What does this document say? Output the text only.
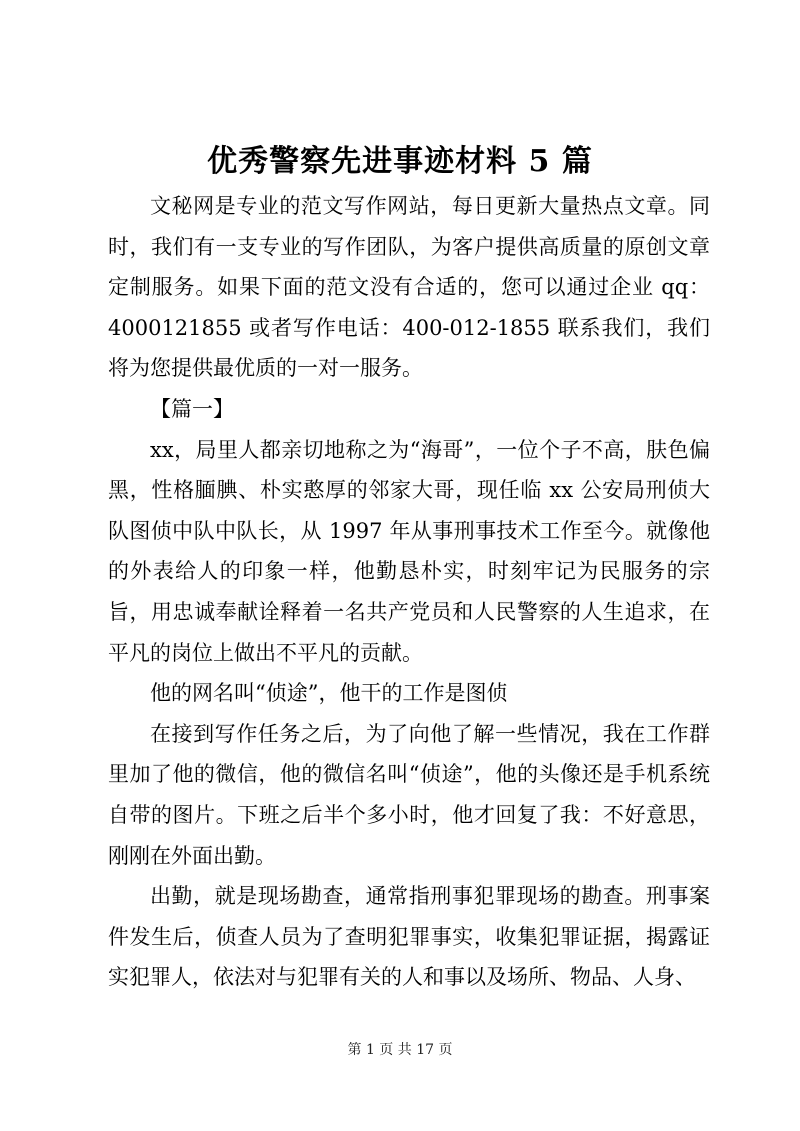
优秀警察先进事迹材料 5 篇

文秘网是专业的范文写作网站，每日更新大量热点文章。同时，我们有一支专业的写作团队，为客户提供高质量的原创文章定制服务。如果下面的范文没有合适的，您可以通过企业 qq：4000121855 或者写作电话：400-012-1855 联系我们，我们将为您提供最优质的一对一服务。

【篇一】

xx，局里人都亲切地称之为“海哥”，一位个子不高，肤色偏黑，性格腼腆、朴实憨厚的邻家大哥，现任临 xx 公安局刑侦大队图侦中队中队长，从 1997 年从事刑事技术工作至今。就像他的外表给人的印象一样，他勤恳朴实，时刻牢记为民服务的宗旨，用忠诚奉献诠释着一名共产党员和人民警察的人生追求，在平凡的岗位上做出不平凡的贡献。

他的网名叫“侦途”，他干的工作是图侦

在接到写作任务之后，为了向他了解一些情况，我在工作群里加了他的微信，他的微信名叫“侦途”，他的头像还是手机系统自带的图片。下班之后半个多小时，他才回复了我：不好意思，刚刚在外面出勤。

出勤，就是现场勘查，通常指刑事犯罪现场的勘查。刑事案件发生后，侦查人员为了查明犯罪事实，收集犯罪证据，揭露证实犯罪人，依法对与犯罪有关的人和事以及场所、物品、人身、

第 1 页 共 17 页
